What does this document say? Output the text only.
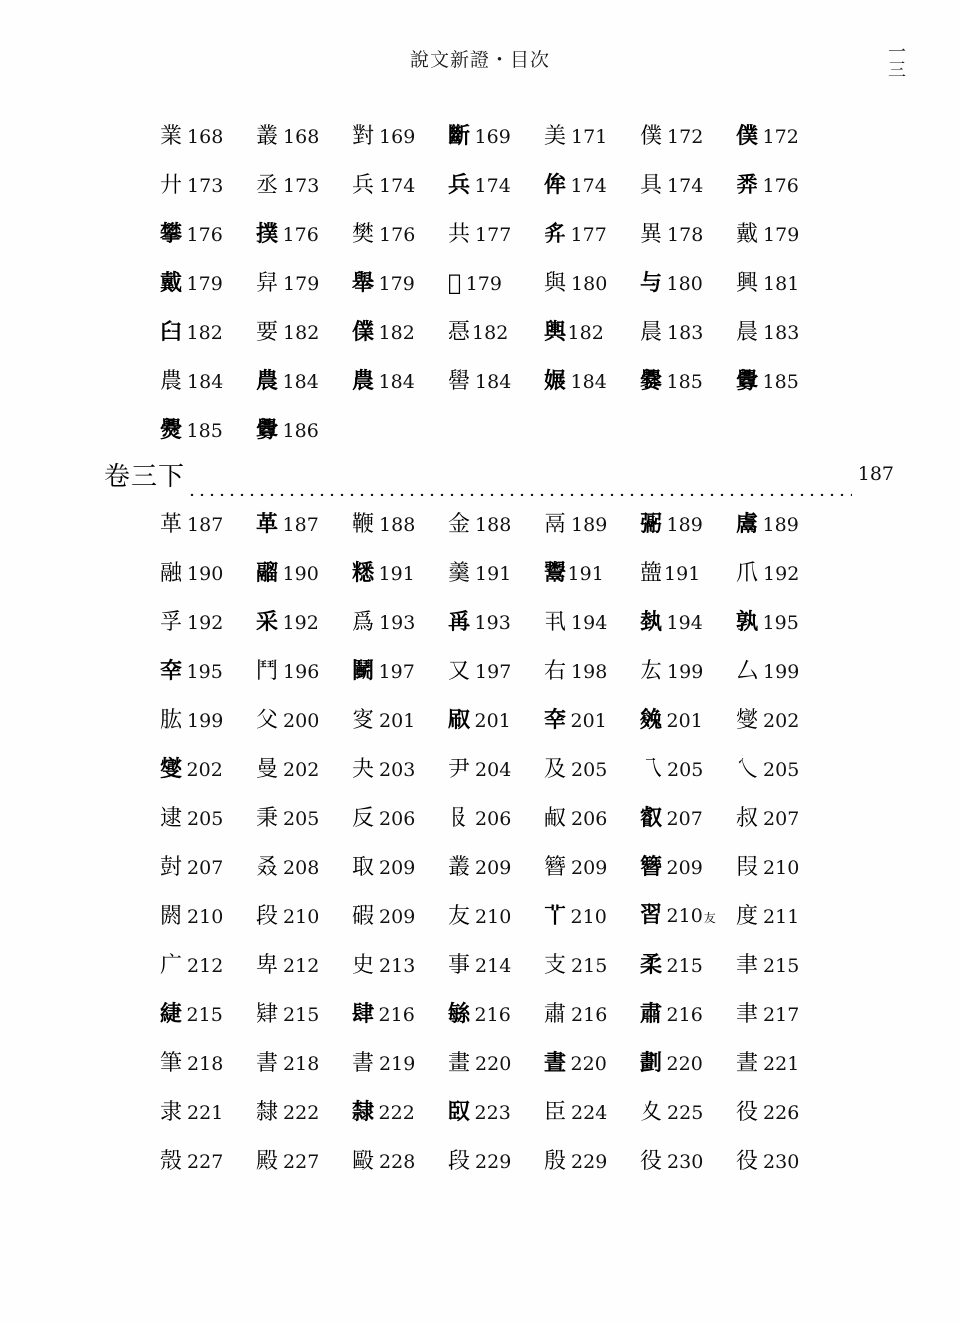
說文新證・目次	一三
業 168 叢 168 對 169 斷 169 美 171 僕 172 僕 172
廾 173 丞 173 兵 174 兵 174 侔 174 具 174 𢍏 176
攀 176 撲 176 樊 176 共 177 𢌳 177 異 178 戴 179
戴 179 舁 179 舉 179 𦥛 179 與 180 与 180 興 181
臼 182 要 182 㒒 182 㥑 182 輿 182 晨 183 晨 183
農 184 農 184 農 184 嚳 184 㜊 184 爨 185 釁 185
㸑 185 釁 186
卷三下	187
革 187 革 187 鞭 188 金 188 鬲 189 䰜 189 鬳 189
融 190 鬸 190 䊝 191 羹 191 鬻 191 䀇 191 爪 192
孚 192 采 192 爲 193 爯 193 丮 194 埶 194 孰 195
㚔 195 鬥 196 鬭 197 又 197 右 198 厷 199 厶 199
肱 199 父 200 叜 201 㕞 201 㚔 201 㕙 201 燮 202
燮 202 曼 202 夬 203 尹 204 及 205 乁 205 乀 205
逮 205 秉 205 反 206 𠬝 206 㕟 206 叡 207 叔 207
尌 207 叒 208 取 209 叢 209 簪 209 簪 209 叚 210
閼 210 段 210 碬 209 友 210 𦫳 210 習 210 友 度 211
广 212 卑 212 史 213 事 214 支 215 柔 215 聿 215
緁 215 肄 215 肆 216 䋣 216 肅 216 肅 216 聿 217
筆 218 書 218 書 219 畫 220 晝 220 劃 220 晝 221
隶 221 隸 222 隸 222 臤 223 臣 224 夊 225 役 226
殼 227 殿 227 毆 228 段 229 殷 229 役 230 役 230
